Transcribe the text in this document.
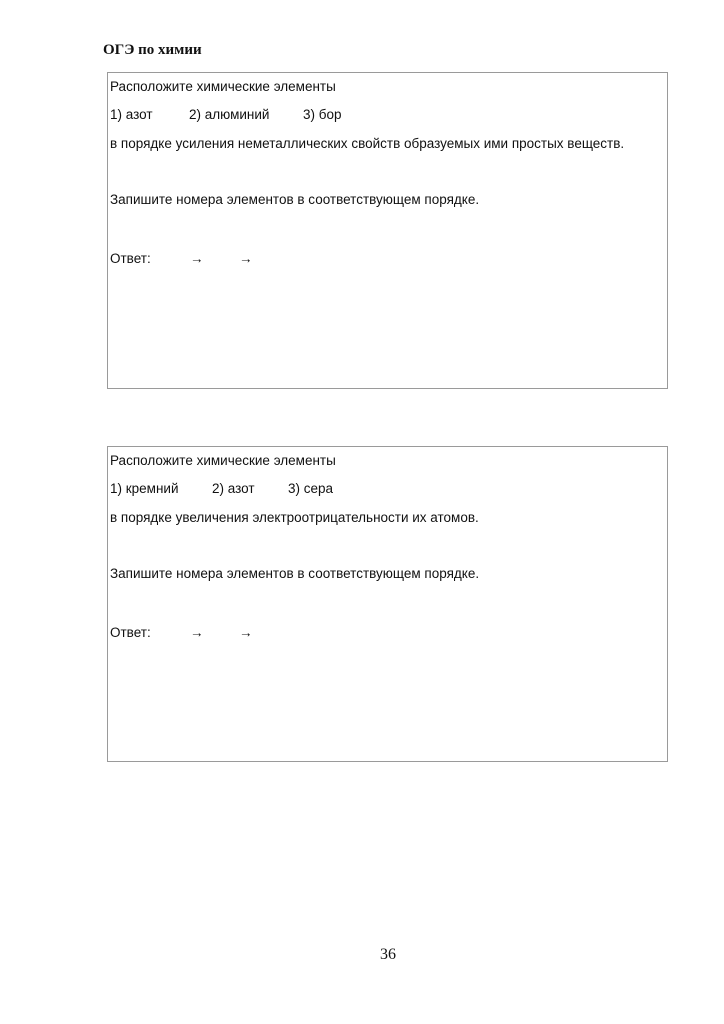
ОГЭ по химии
Расположите химические элементы
1) азот	2) алюминий 3) бор
в порядке усиления неметаллических свойств образуемых ими простых веществ.
Запишите номера элементов в соответствующем порядке.
Ответ:	→	→
Расположите химические элементы
1) кремний 2) азот 3) сера
в порядке увеличения электроотрицательности их атомов.
Запишите номера элементов в соответствующем порядке.
Ответ:	→	→
36
